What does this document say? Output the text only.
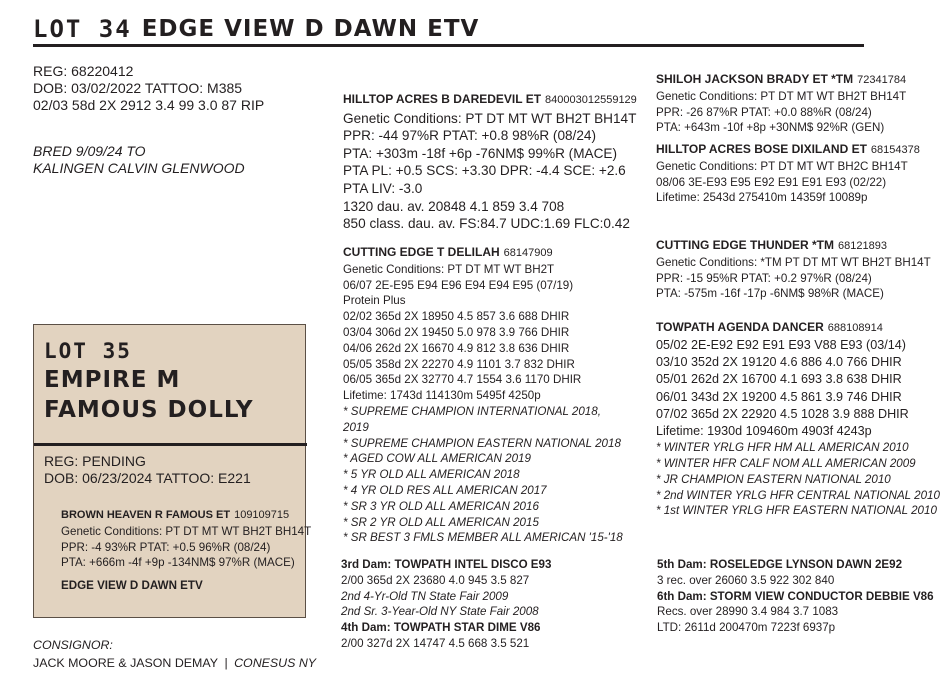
LOT 34 EDGE VIEW D DAWN ETV
REG: 68220412
DOB: 03/02/2022 TATTOO: M385
02/03 58d 2X 2912 3.4 99 3.0 87 RIP
BRED 9/09/24 TO
KALINGEN CALVIN GLENWOOD
HILLTOP ACRES B DAREDEVIL ET 840003012559129
Genetic Conditions: PT DT MT WT BH2T BH14T
PPR: -44 97%R PTAT: +0.8 98%R (08/24)
PTA: +303m -18f +6p -76NM$ 99%R (MACE)
PTA PL: +0.5 SCS: +3.30 DPR: -4.4 SCE: +2.6
PTA LIV: -3.0
1320 dau. av. 20848 4.1 859 3.4 708
850 class. dau. av. FS:84.7 UDC:1.69 FLC:0.42
CUTTING EDGE T DELILAH 68147909
Genetic Conditions: PT DT MT WT BH2T
06/07 2E-E95 E94 E96 E94 E94 E95 (07/19)
Protein Plus
02/02 365d 2X 18950 4.5 857 3.6 688 DHIR
03/04 306d 2X 19450 5.0 978 3.9 766 DHIR
04/06 262d 2X 16670 4.9 812 3.8 636 DHIR
05/05 358d 2X 22270 4.9 1101 3.7 832 DHIR
06/05 365d 2X 32770 4.7 1554 3.6 1170 DHIR
Lifetime: 1743d 114130m 5495f 4250p
* SUPREME CHAMPION INTERNATIONAL 2018,
2019
* SUPREME CHAMPION EASTERN NATIONAL 2018
* AGED COW ALL AMERICAN 2019
* 5 YR OLD ALL AMERICAN 2018
* 4 YR OLD RES ALL AMERICAN 2017
* SR 3 YR OLD ALL AMERICAN 2016
* SR 2 YR OLD ALL AMERICAN 2015
* SR BEST 3 FMLS MEMBER ALL AMERICAN '15-'18
3rd Dam: TOWPATH INTEL DISCO E93
2/00 365d 2X 23680 4.0 945 3.5 827
2nd 4-Yr-Old TN State Fair 2009
2nd Sr. 3-Year-Old NY State Fair 2008
4th Dam: TOWPATH STAR DIME V86
2/00 327d 2X 14747 4.5 668 3.5 521
SHILOH JACKSON BRADY ET *TM 72341784
Genetic Conditions: PT DT MT WT BH2T BH14T
PPR: -26 87%R PTAT: +0.0 88%R (08/24)
PTA: +643m -10f +8p +30NM$ 92%R (GEN)
HILLTOP ACRES BOSE DIXILAND ET 68154378
Genetic Conditions: PT DT MT WT BH2C BH14T
08/06 3E-E93 E95 E92 E91 E91 E93 (02/22)
Lifetime: 2543d 275410m 14359f 10089p
CUTTING EDGE THUNDER *TM 68121893
Genetic Conditions: *TM PT DT MT WT BH2T BH14T
PPR: -15 95%R PTAT: +0.2 97%R (08/24)
PTA: -575m -16f -17p -6NM$ 98%R (MACE)
TOWPATH AGENDA DANCER 688108914
05/02 2E-E92 E92 E91 E93 V88 E93 (03/14)
03/10 352d 2X 19120 4.6 886 4.0 766 DHIR
05/01 262d 2X 16700 4.1 693 3.8 638 DHIR
06/01 343d 2X 19200 4.5 861 3.9 746 DHIR
07/02 365d 2X 22920 4.5 1028 3.9 888 DHIR
Lifetime: 1930d 109460m 4903f 4243p
* WINTER YRLG HFR HM ALL AMERICAN 2010
* WINTER HFR CALF NOM ALL AMERICAN 2009
* JR CHAMPION EASTERN NATIONAL 2010
* 2nd WINTER YRLG HFR CENTRAL NATIONAL 2010
* 1st WINTER YRLG HFR EASTERN NATIONAL 2010
5th Dam: ROSELEDGE LYNSON DAWN 2E92
3 rec. over 26060 3.5 922 302 840
6th Dam: STORM VIEW CONDUCTOR DEBBIE V86
Recs. over 28990 3.4 984 3.7 1083
LTD: 2611d 200470m 7223f 6937p
LOT 35
EMPIRE M
FAMOUS DOLLY
REG: PENDING
DOB: 06/23/2024 TATTOO: E221
BROWN HEAVEN R FAMOUS ET 109109715
Genetic Conditions: PT DT MT WT BH2T BH14T
PPR: -4 93%R PTAT: +0.5 96%R (08/24)
PTA: +666m -4f +9p -134NM$ 97%R (MACE)
EDGE VIEW D DAWN ETV
CONSIGNOR:
JACK MOORE & JASON DEMAY | CONESUS NY
